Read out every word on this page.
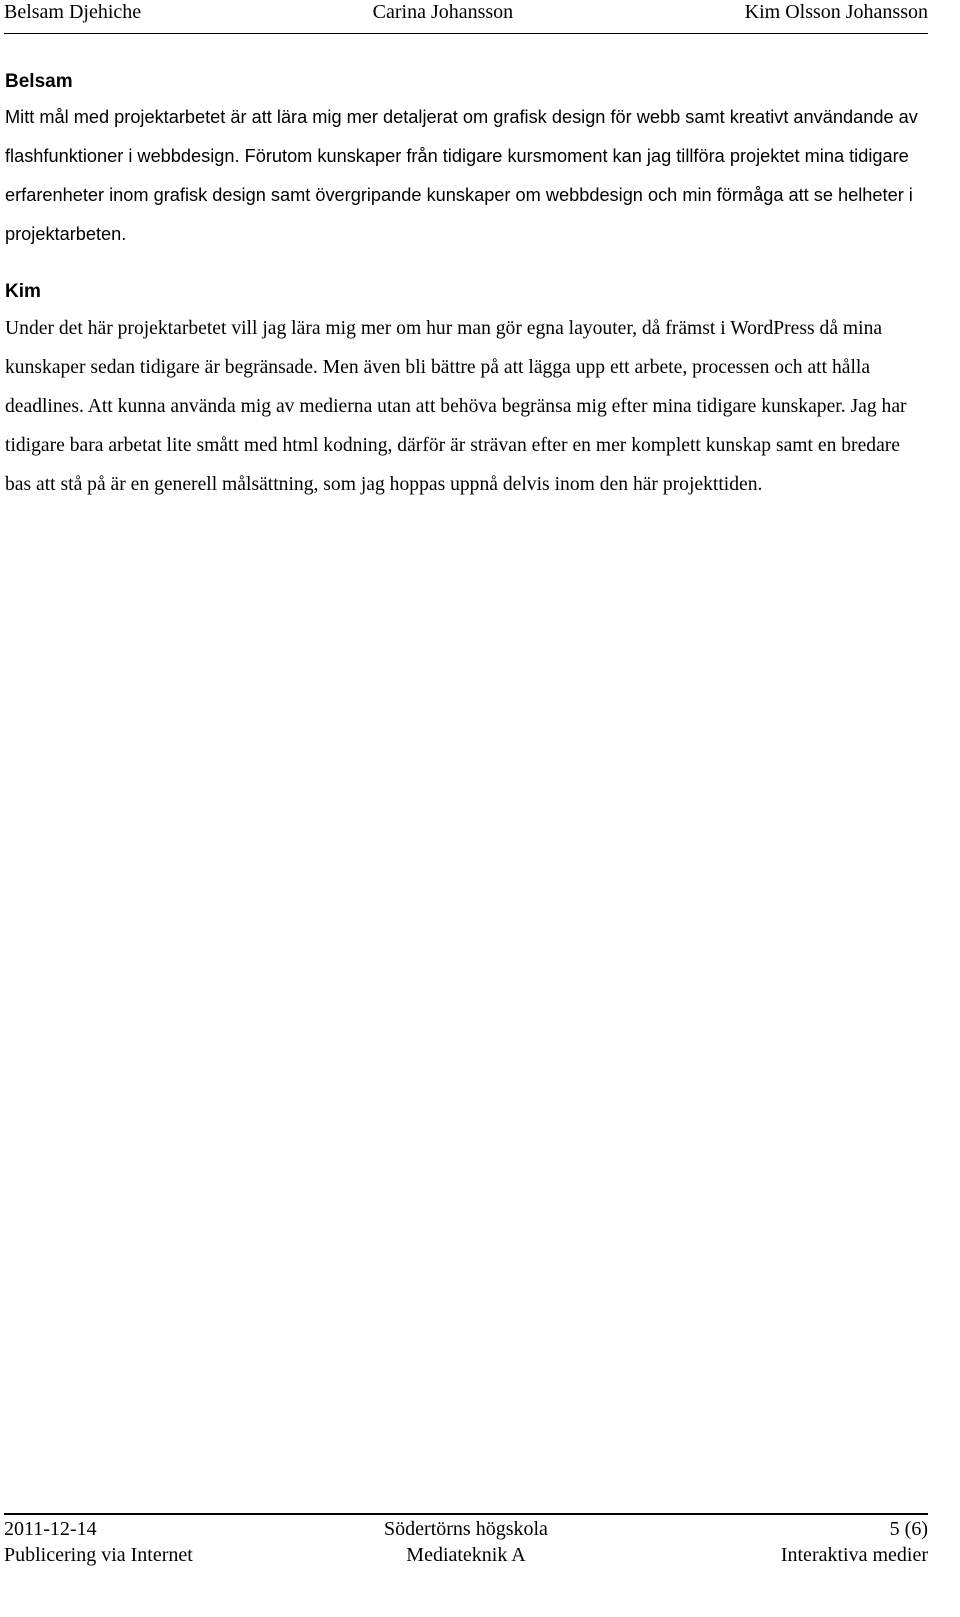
Belsam Djehiche	Carina Johansson	Kim Olsson Johansson
Belsam

Mitt mål med projektarbetet är att lära mig mer detaljerat om grafisk design för webb samt kreativt användande av flashfunktioner i webbdesign. Förutom kunskaper från tidigare kursmoment kan jag tillföra projektet mina tidigare erfarenheter inom grafisk design samt övergripande kunskaper om webbdesign och min förmåga att se helheter i projektarbeten.

Kim

Under det här projektarbetet vill jag lära mig mer om hur man gör egna layouter, då främst i WordPress då mina kunskaper sedan tidigare är begränsade. Men även bli bättre på att lägga upp ett arbete, processen och att hålla deadlines. Att kunna använda mig av medierna utan att behöva begränsa mig efter mina tidigare kunskaper. Jag har tidigare bara arbetat lite smått med html kodning, därför är strävan efter en mer komplett kunskap samt en bredare bas att stå på är en generell målsättning, som jag hoppas uppnå delvis inom den här projekttiden.

2011-12-14	Södertörns högskola	5 (6)
Publicering via Internet	Mediateknik A	Interaktiva medier
